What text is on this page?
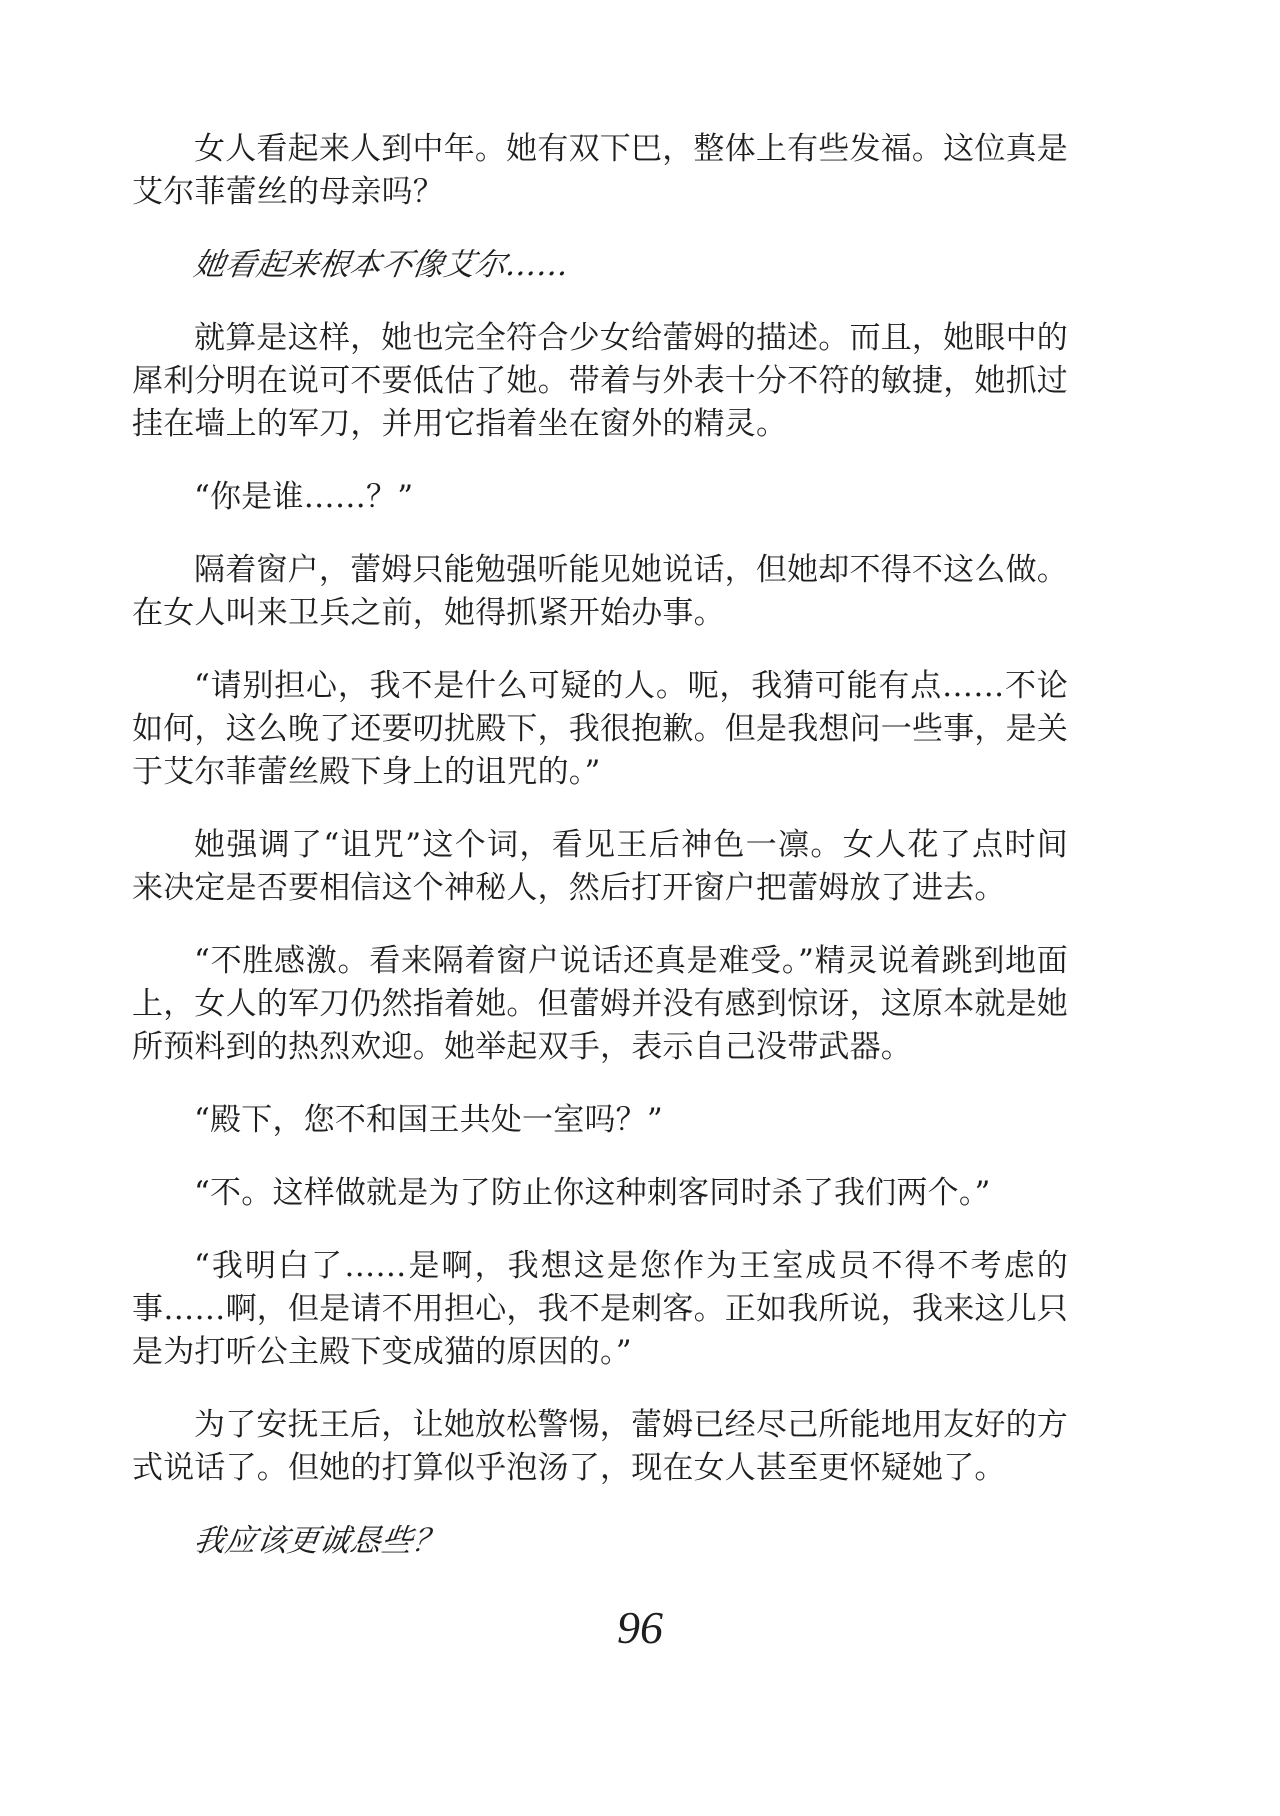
女人看起来人到中年。她有双下巴，整体上有些发福。这位真是艾尔菲蕾丝的母亲吗？

她看起来根本不像艾尔……

就算是这样，她也完全符合少女给蕾姆的描述。而且，她眼中的犀利分明在说可不要低估了她。带着与外表十分不符的敏捷，她抓过挂在墙上的军刀，并用它指着坐在窗外的精灵。

“你是谁……？”

隔着窗户，蕾姆只能勉强听能见她说话，但她却不得不这么做。在女人叫来卫兵之前，她得抓紧开始办事。

“请别担心，我不是什么可疑的人。呃，我猜可能有点……不论如何，这么晚了还要叨扰殿下，我很抱歉。但是我想问一些事，是关于艾尔菲蕾丝殿下身上的诅咒的。”

她强调了“诅咒”这个词，看见王后神色一凛。女人花了点时间来决定是否要相信这个神秘人，然后打开窗户把蕾姆放了进去。

“不胜感激。看来隔着窗户说话还真是难受。”精灵说着跳到地面上，女人的军刀仍然指着她。但蕾姆并没有感到惊讶，这原本就是她所预料到的热烈欢迎。她举起双手，表示自己没带武器。

“殿下，您不和国王共处一室吗？”

“不。这样做就是为了防止你这种刺客同时杀了我们两个。”

“我明白了……是啊，我想这是您作为王室成员不得不考虑的事……啊，但是请不用担心，我不是刺客。正如我所说，我来这儿只是为打听公主殿下变成猫的原因的。”

为了安抚王后，让她放松警惕，蕾姆已经尽己所能地用友好的方式说话了。但她的打算似乎泡汤了，现在女人甚至更怀疑她了。

我应该更诚恳些？

96
